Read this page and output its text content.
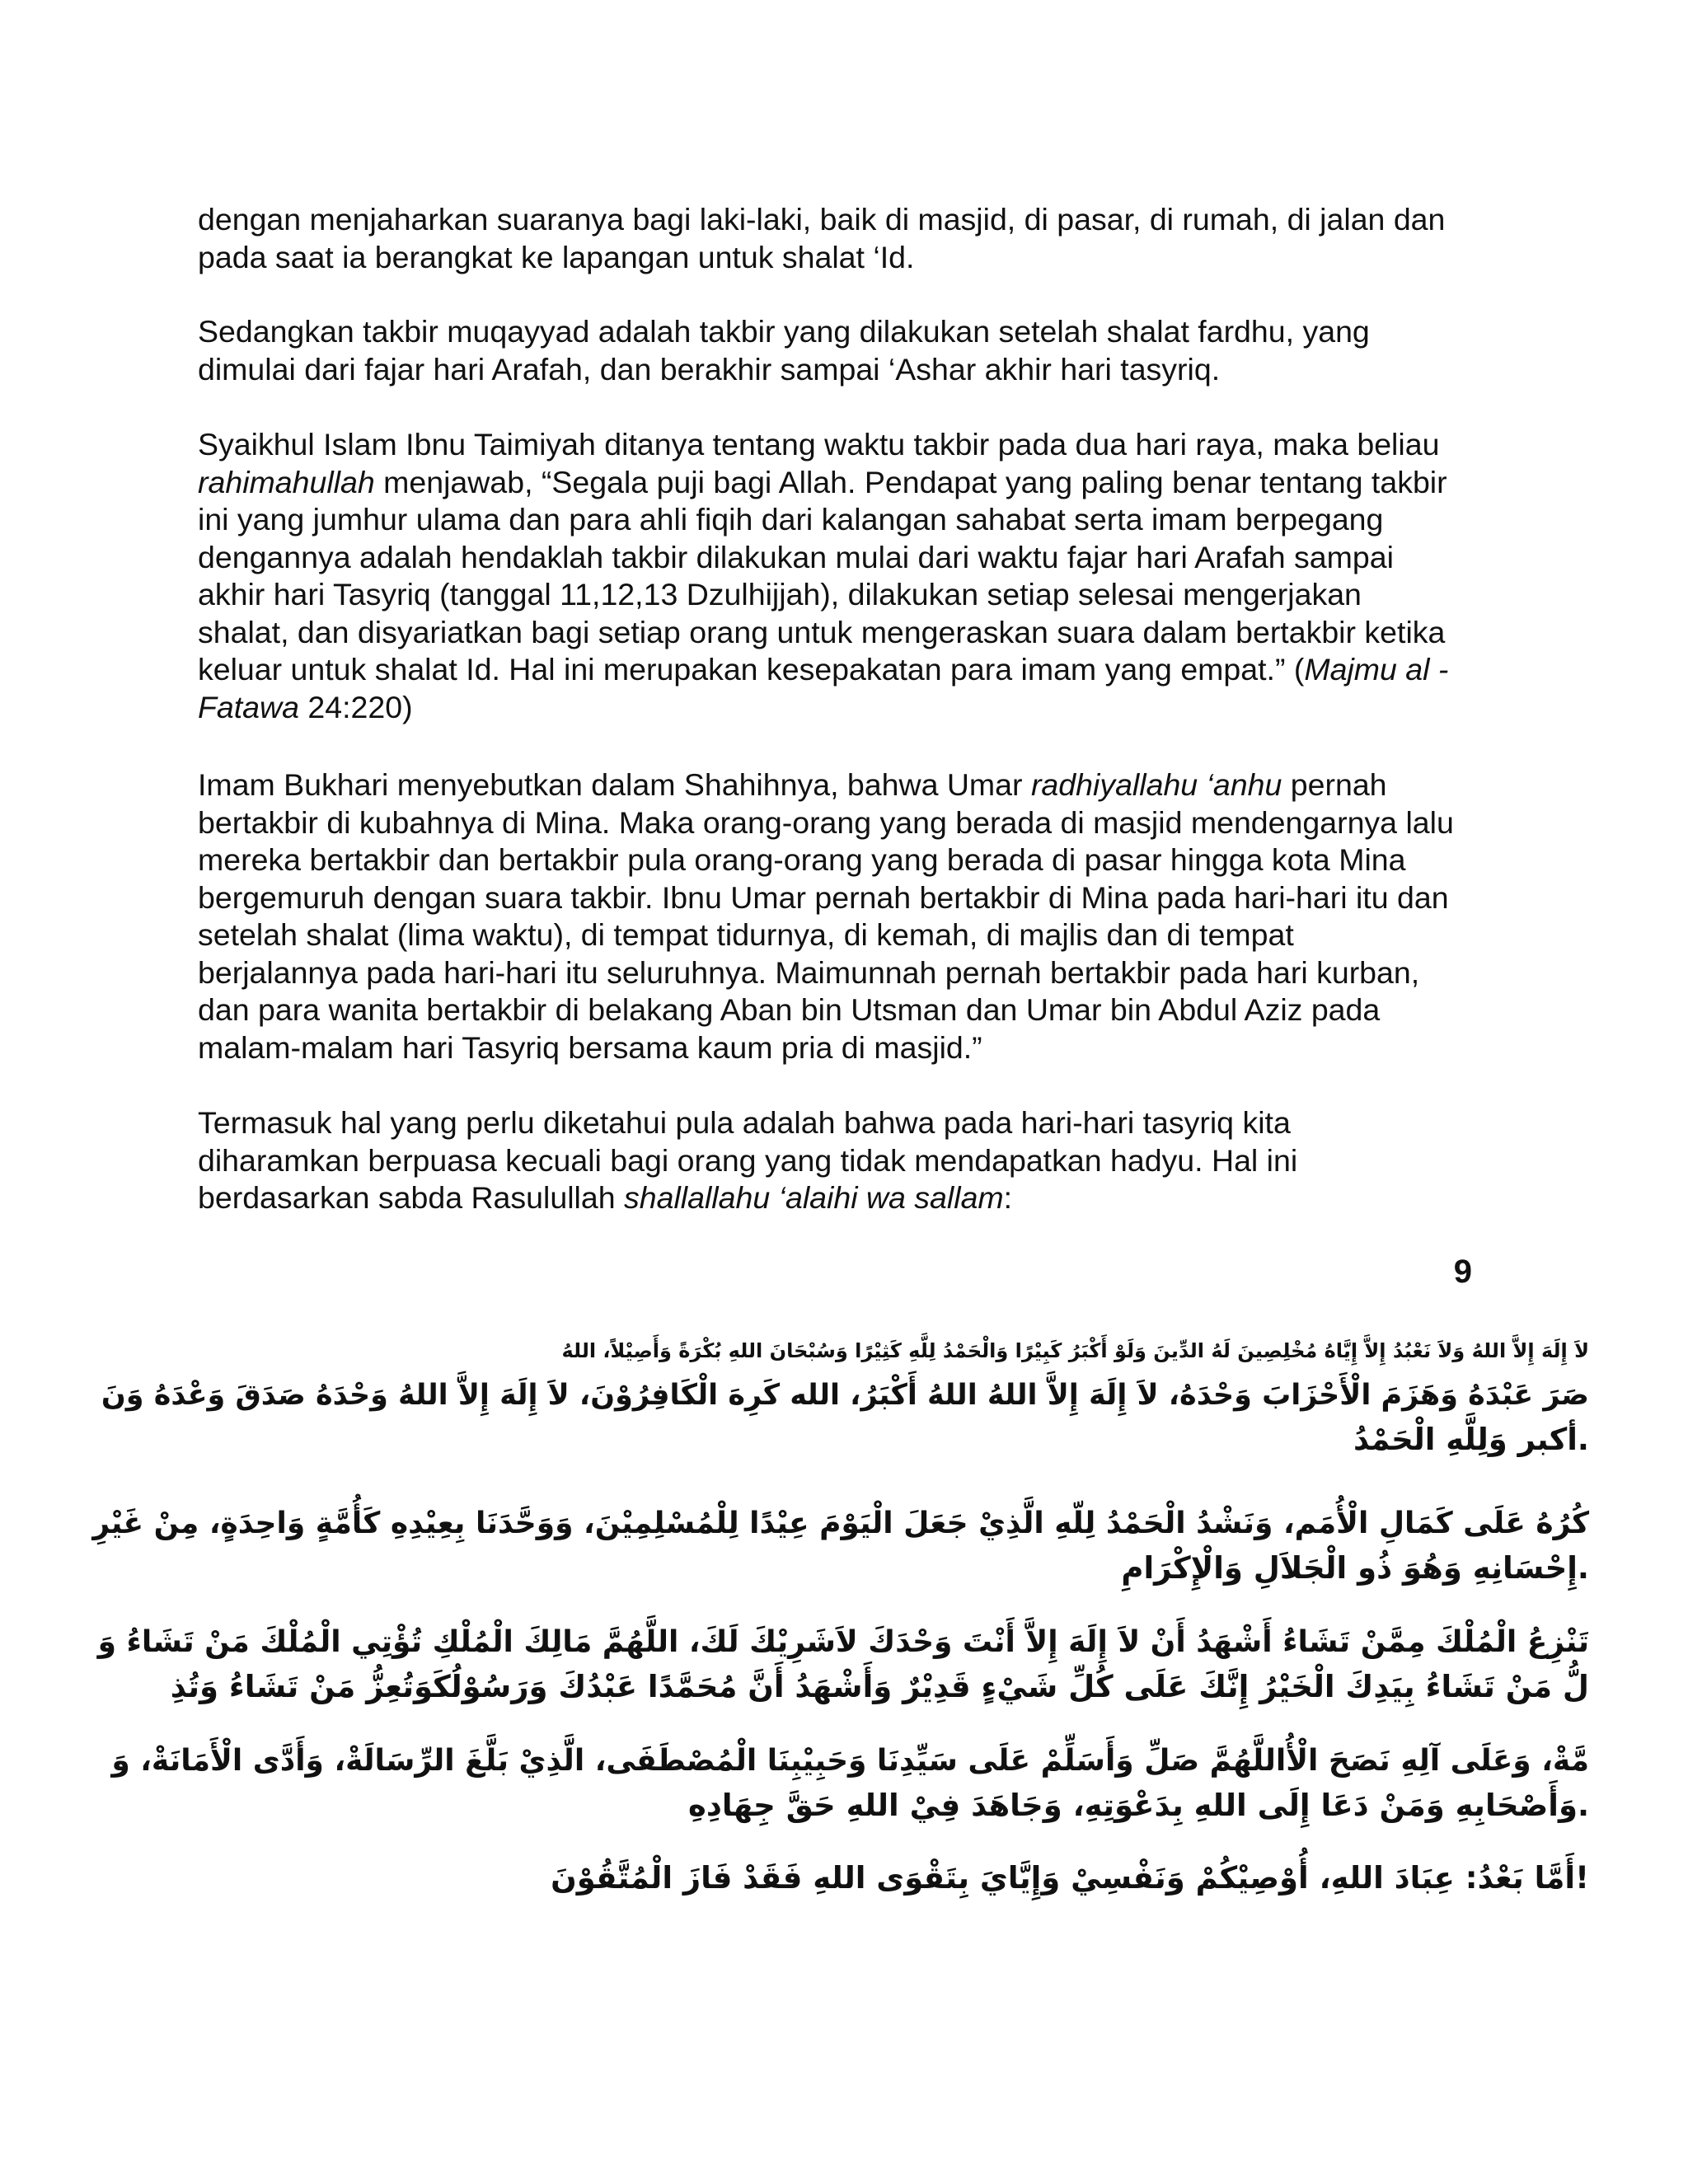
dengan menjaharkan suaranya bagi laki-laki, baik di masjid, di pasar, di rumah, di jalan dan pada saat ia berangkat ke lapangan untuk shalat ‘Id.

Sedangkan takbir muqayyad adalah takbir yang dilakukan setelah shalat fardhu, yang dimulai dari fajar hari Arafah, dan berakhir sampai ‘Ashar akhir hari tasyriq.

Syaikhul Islam Ibnu Taimiyah ditanya tentang waktu takbir pada dua hari raya, maka beliau rahimahullah menjawab, “Segala puji bagi Allah. Pendapat yang paling benar tentang takbir ini yang jumhur ulama dan para ahli fiqih dari kalangan sahabat serta imam berpegang dengannya adalah hendaklah takbir dilakukan mulai dari waktu fajar hari Arafah sampai akhir hari Tasyriq (tanggal 11,12,13 Dzulhijjah), dilakukan setiap selesai mengerjakan shalat, dan disyariatkan bagi setiap orang untuk mengeraskan suara dalam bertakbir ketika keluar untuk shalat Id. Hal ini merupakan kesepakatan para imam yang empat.” (Majmu al -Fatawa 24:220)

Imam Bukhari menyebutkan dalam Shahihnya, bahwa Umar radhiyallahu ‘anhu pernah bertakbir di kubahnya di Mina. Maka orang-orang yang berada di masjid mendengarnya lalu mereka bertakbir dan bertakbir pula orang-orang yang berada di pasar hingga kota Mina bergemuruh dengan suara takbir. Ibnu Umar pernah bertakbir di Mina pada hari-hari itu dan setelah shalat (lima waktu), di tempat tidurnya, di kemah, di majlis dan di tempat berjalannya pada hari-hari itu seluruhnya. Maimunnah pernah bertakbir pada hari kurban, dan para wanita bertakbir di belakang Aban bin Utsman dan Umar bin Abdul Aziz pada malam-malam hari Tasyriq bersama kaum pria di masjid.”

Termasuk hal yang perlu diketahui pula adalah bahwa pada hari-hari tasyriq kita diharamkan berpuasa kecuali bagi orang yang tidak mendapatkan hadyu. Hal ini berdasarkan sabda Rasulullah shallallahu ‘alaihi wa sallam:

9

لاَ إِلَهَ إِلاَّ اللهُ وَلاَ نَعْبُدُ إِلاَّ إِيَّاهُ مُخْلِصِينَ لَهُ الدِّينَ وَلَوْ أَكْبَرُ كَبِيْرًا وَالْحَمْدُ لِلَّهِ كَثِيْرًا وَسُبْحَانَ اللهِ بُكْرَةً وَأَصِيْلاً، اللهُ
صَرَ عَبْدَهُ وَهَزَمَ الْأَحْزَابَ وَحْدَهُ، لاَ إِلَهَ إِلاَّ اللهُ اللهُ أَكْبَرُ، الله كَرِهَ الْكَافِرُوْنَ، لاَ إِلَهَ إِلاَّ اللهُ وَحْدَهُ صَدَقَ وَعْدَهُ وَنَ
.أكبر وَلِلَّهِ الْحَمْدُ
كُرُهُ عَلَى كَمَالِ الْأُمَم، وَنَشْدُ الْحَمْدُ لِلّهِ الَّذِيْ جَعَلَ الْيَوْمَ عِيْدًا لِلْمُسْلِمِيْنَ، وَوَحَّدَنَا بِعِيْدِهِ كَأُمَّةٍ وَاحِدَةٍ، مِنْ غَيْرِ
.إِحْسَانِهِ وَهُوَ ذُو الْجَلاَلِ وَالْإِكْرَامِ
تَنْزِعُ الْمُلْكَ مِمَّنْ تَشَاءُ أَشْهَدُ أَنْ لاَ إِلَهَ إِلاَّ أَنْتَ وَحْدَكَ لاَشَرِيْكَ لَكَ، اللَّهُمَّ مَالِكَ الْمُلْكِ تُؤْتِي الْمُلْكَ مَنْ تَشَاءُ وَ
لُّ مَنْ تَشَاءُ بِيَدِكَ الْخَيْرُ إِنَّكَ عَلَى كُلِّ شَيْءٍ قَدِيْرٌ وَأَشْهَدُ أَنَّ مُحَمَّدًا عَبْدُكَ وَرَسُوْلُكَوَتُعِزُّ مَنْ تَشَاءُ وَتُذِ
مَّةْ، وَعَلَى آلِهِ نَصَحَ الْأُاللَّهُمَّ صَلِّ وَأَسَلِّمْ عَلَى سَيِّدِنَا وَحَبِيْبِنَا الْمُصْطَفَى، الَّذِيْ بَلَّغَ الرِّسَالَةْ، وَأَدَّى الْأَمَانَةْ، وَ
.وَأَصْحَابِهِ وَمَنْ دَعَا إِلَى اللهِ بِدَعْوَتِهِ، وَجَاهَدَ فِيْ اللهِ حَقَّ جِهَادِهِ
!أَمَّا بَعْدُ: عِبَادَ اللهِ، أُوْصِيْكُمْ وَنَفْسِيْ وَإِيَّايَ بِتَقْوَى اللهِ فَقَدْ فَازَ الْمُتَّقُوْنَ
